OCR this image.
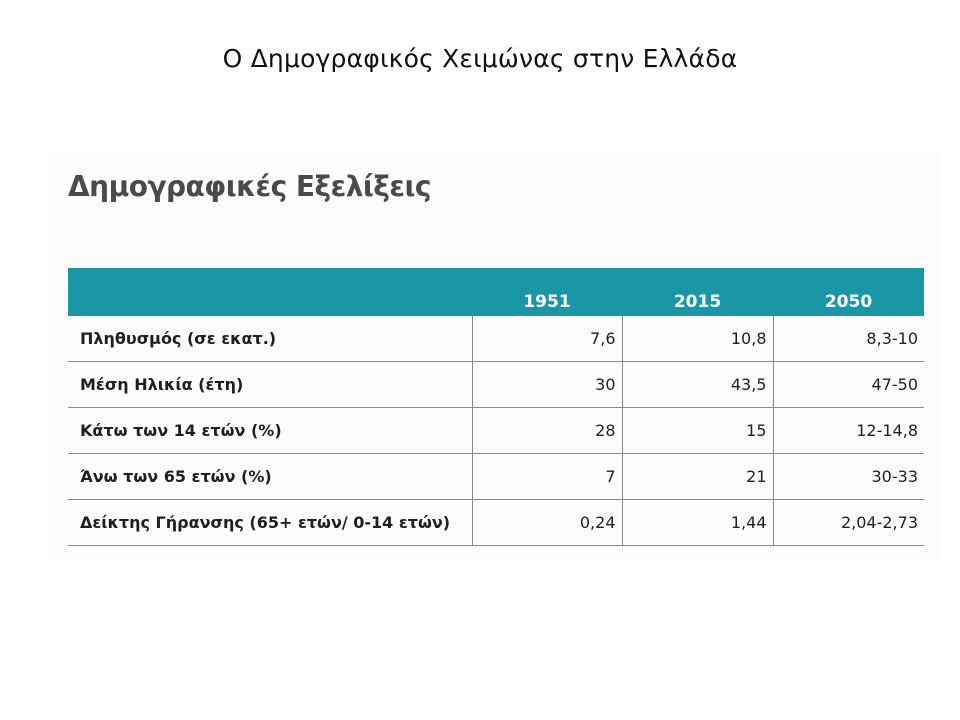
Ο Δημογραφικός Χειμώνας στην Ελλάδα
Δημογραφικές Εξελίξεις
	1951	2015	2050
Πληθυσμός (σε εκατ.)	7,6	10,8	8,3-10
Μέση Ηλικία (έτη)	30	43,5	47-50
Κάτω των 14 ετών (%)	28	15	12-14,8
Άνω των 65 ετών (%)	7	21	30-33
Δείκτης Γήρανσης (65+ ετών/ 0-14 ετών)	0,24	1,44	2,04-2,73
